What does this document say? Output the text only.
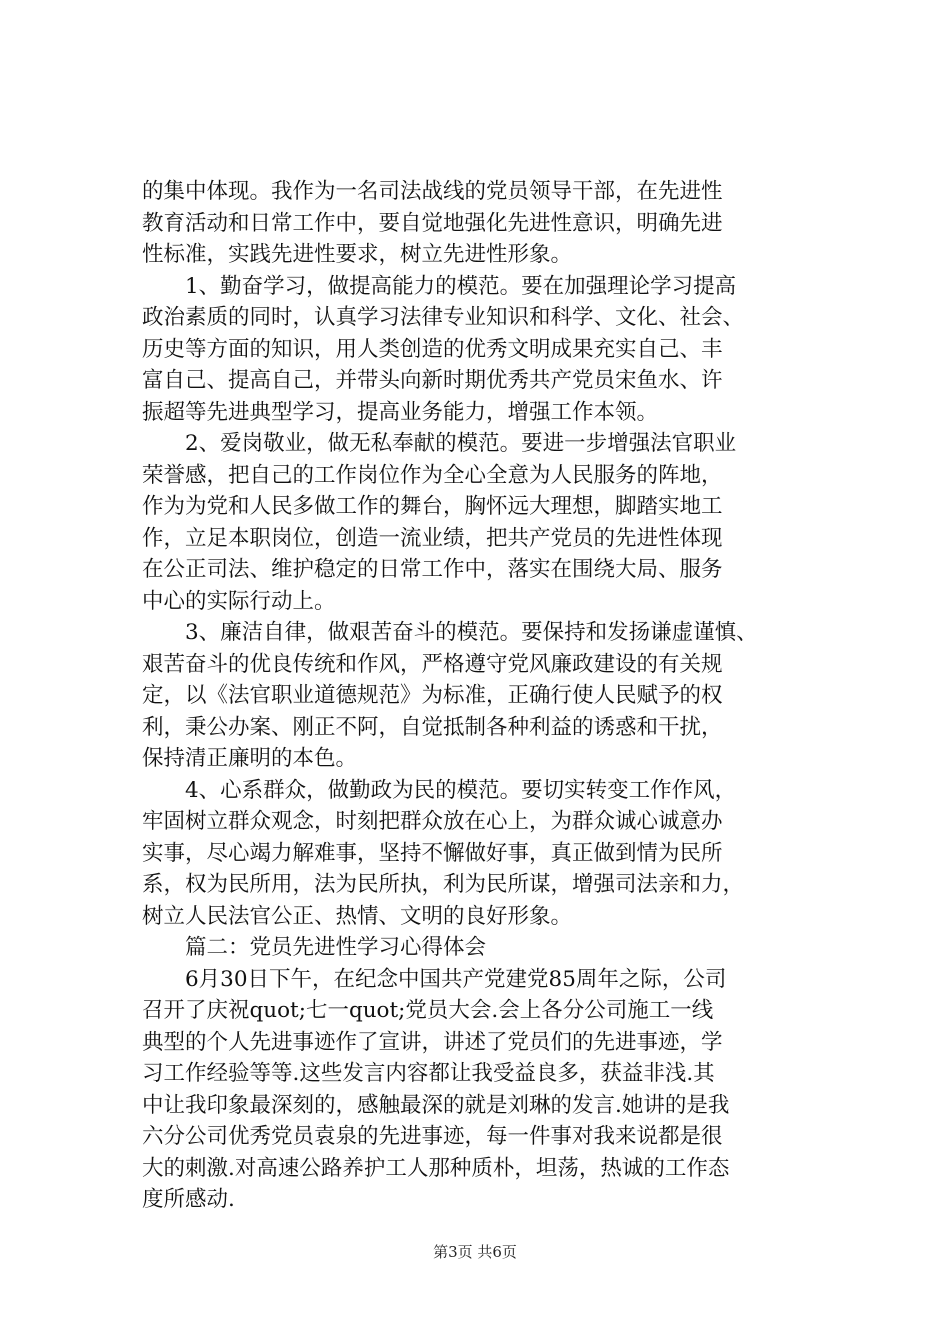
的集中体现。我作为一名司法战线的党员领导干部，在先进性
教育活动和日常工作中，要自觉地强化先进性意识，明确先进
性标准，实践先进性要求，树立先进性形象。
1、勤奋学习，做提高能力的模范。要在加强理论学习提高
政治素质的同时，认真学习法律专业知识和科学、文化、社会、
历史等方面的知识，用人类创造的优秀文明成果充实自己、丰
富自己、提高自己，并带头向新时期优秀共产党员宋鱼水、许
振超等先进典型学习，提高业务能力，增强工作本领。
2、爱岗敬业，做无私奉献的模范。要进一步增强法官职业
荣誉感，把自己的工作岗位作为全心全意为人民服务的阵地，
作为为党和人民多做工作的舞台，胸怀远大理想，脚踏实地工
作，立足本职岗位，创造一流业绩，把共产党员的先进性体现
在公正司法、维护稳定的日常工作中，落实在围绕大局、服务
中心的实际行动上。
3、廉洁自律，做艰苦奋斗的模范。要保持和发扬谦虚谨慎、
艰苦奋斗的优良传统和作风，严格遵守党风廉政建设的有关规
定，以《法官职业道德规范》为标准，正确行使人民赋予的权
利，秉公办案、刚正不阿，自觉抵制各种利益的诱惑和干扰，
保持清正廉明的本色。
4、心系群众，做勤政为民的模范。要切实转变工作作风，
牢固树立群众观念，时刻把群众放在心上，为群众诚心诚意办
实事，尽心竭力解难事，坚持不懈做好事，真正做到情为民所
系，权为民所用，法为民所执，利为民所谋，增强司法亲和力，
树立人民法官公正、热情、文明的良好形象。
篇二：党员先进性学习心得体会
6月30日下午，在纪念中国共产党建党85周年之际，公司
召开了庆祝quot;七一quot;党员大会.会上各分公司施工一线
典型的个人先进事迹作了宣讲，讲述了党员们的先进事迹，学
习工作经验等等.这些发言内容都让我受益良多，获益非浅.其
中让我印象最深刻的，感触最深的就是刘琳的发言.她讲的是我
六分公司优秀党员袁泉的先进事迹，每一件事对我来说都是很
大的刺激.对高速公路养护工人那种质朴，坦荡，热诚的工作态
度所感动.
第3页 共6页
